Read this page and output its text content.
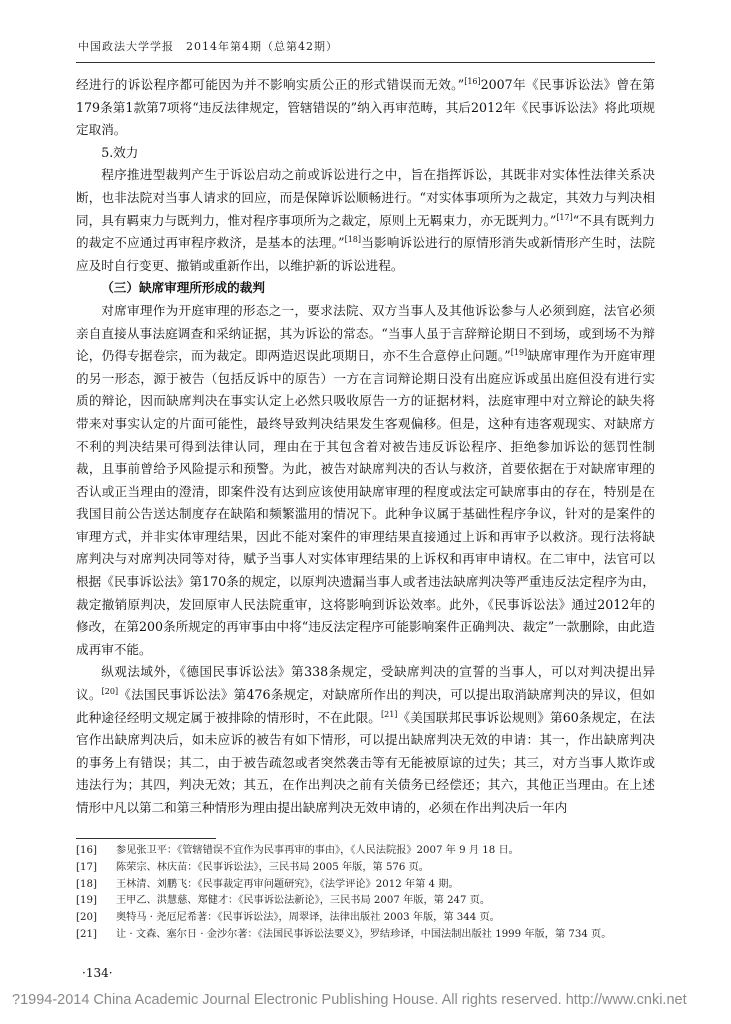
中国政法大学学报　2014年第4期（总第42期）

经进行的诉讼程序都可能因为并不影响实质公正的形式错误而无效。”[16]2007年《民事诉讼法》曾在第179条第1款第7项将“违反法律规定，管辖错误的”纳入再审范畴，其后2012年《民事诉讼法》将此项规定取消。

5.效力

程序推进型裁判产生于诉讼启动之前或诉讼进行之中，旨在指挥诉讼，其既非对实体性法律关系决断，也非法院对当事人请求的回应，而是保障诉讼顺畅进行。“对实体事项所为之裁定，其效力与判决相同，具有羁束力与既判力，惟对程序事项所为之裁定，原则上无羁束力，亦无既判力。”[17]“不具有既判力的裁定不应通过再审程序救济，是基本的法理。”[18]当影响诉讼进行的原情形消失或新情形产生时，法院应及时自行变更、撤销或重新作出，以维护新的诉讼进程。

（三）缺席审理所形成的裁判

对席审理作为开庭审理的形态之一，要求法院、双方当事人及其他诉讼参与人必须到庭，法官必须亲自直接从事法庭调查和采纳证据，其为诉讼的常态。“当事人虽于言辞辩论期日不到场，或到场不为辩论，仍得专据卷宗，而为裁定。即两造迟误此项期日，亦不生合意停止问题。”[19]缺席审理作为开庭审理的另一形态，源于被告（包括反诉中的原告）一方在言词辩论期日没有出庭应诉或虽出庭但没有进行实质的辩论，因而缺席判决在事实认定上必然只吸收原告一方的证据材料，法庭审理中对立辩论的缺失将带来对事实认定的片面可能性，最终导致判决结果发生客观偏移。但是，这种有违客观现实、对缺席方不利的判决结果可得到法律认同，理由在于其包含着对被告违反诉讼程序、拒绝参加诉讼的惩罚性制裁，且事前曾给予风险提示和预警。为此，被告对缺席判决的否认与救济，首要依据在于对缺席审理的否认或正当理由的澄清，即案件没有达到应该使用缺席审理的程度或法定可缺席事由的存在，特别是在我国目前公告送达制度存在缺陷和频繁滥用的情况下。此种争议属于基础性程序争议，针对的是案件的审理方式，并非实体审理结果，因此不能对案件的审理结果直接通过上诉和再审予以救济。现行法将缺席判决与对席判决同等对待，赋予当事人对实体审理结果的上诉权和再审申请权。在二审中，法官可以根据《民事诉讼法》第170条的规定，以原判决遗漏当事人或者违法缺席判决等严重违反法定程序为由，裁定撤销原判决，发回原审人民法院重审，这将影响到诉讼效率。此外，《民事诉讼法》通过2012年的修改，在第200条所规定的再审事由中将“违反法定程序可能影响案件正确判决、裁定”一款删除，由此造成再审不能。

纵观法域外，《德国民事诉讼法》第338条规定，受缺席判决的宣誓的当事人，可以对判决提出异议。[20]《法国民事诉讼法》第476条规定，对缺席所作出的判决，可以提出取消缺席判决的异议，但如此种途径经明文规定属于被排除的情形时，不在此限。[21]《美国联邦民事诉讼规则》第60条规定，在法官作出缺席判决后，如未应诉的被告有如下情形，可以提出缺席判决无效的申请：其一，作出缺席判决的事务上有错误；其二，由于被告疏忽或者突然袭击等有无能被原谅的过失；其三，对方当事人欺诈或违法行为；其四，判决无效；其五，在作出判决之前有关债务已经偿还；其六，其他正当理由。在上述情形中凡以第二和第三种情形为理由提出缺席判决无效申请的，必须在作出判决后一年内

[16]	参见张卫平：《管辖错误不宜作为民事再审的事由》，《人民法院报》2007 年 9 月 18 日。
[17]	陈荣宗、林庆苗：《民事诉讼法》，三民书局 2005 年版，第 576 页。
[18]	王林清、刘鹏飞：《民事裁定再审问题研究》，《法学评论》2012 年第 4 期。
[19]	王甲乙、洪慧慈、郑健才：《民事诉讼法新论》，三民书局 2007 年版，第 247 页。
[20]	奥特马 · 尧厄尼希著：《民事诉讼法》，周翠译，法律出版社 2003 年版，第 344 页。
[21]	让 · 文森、塞尔日 · 金沙尔著：《法国民事诉讼法要义》，罗结珍译，中国法制出版社 1999 年版，第 734 页。
·134·
?1994-2014 China Academic Journal Electronic Publishing House. All rights reserved. http://www.cnki.net
